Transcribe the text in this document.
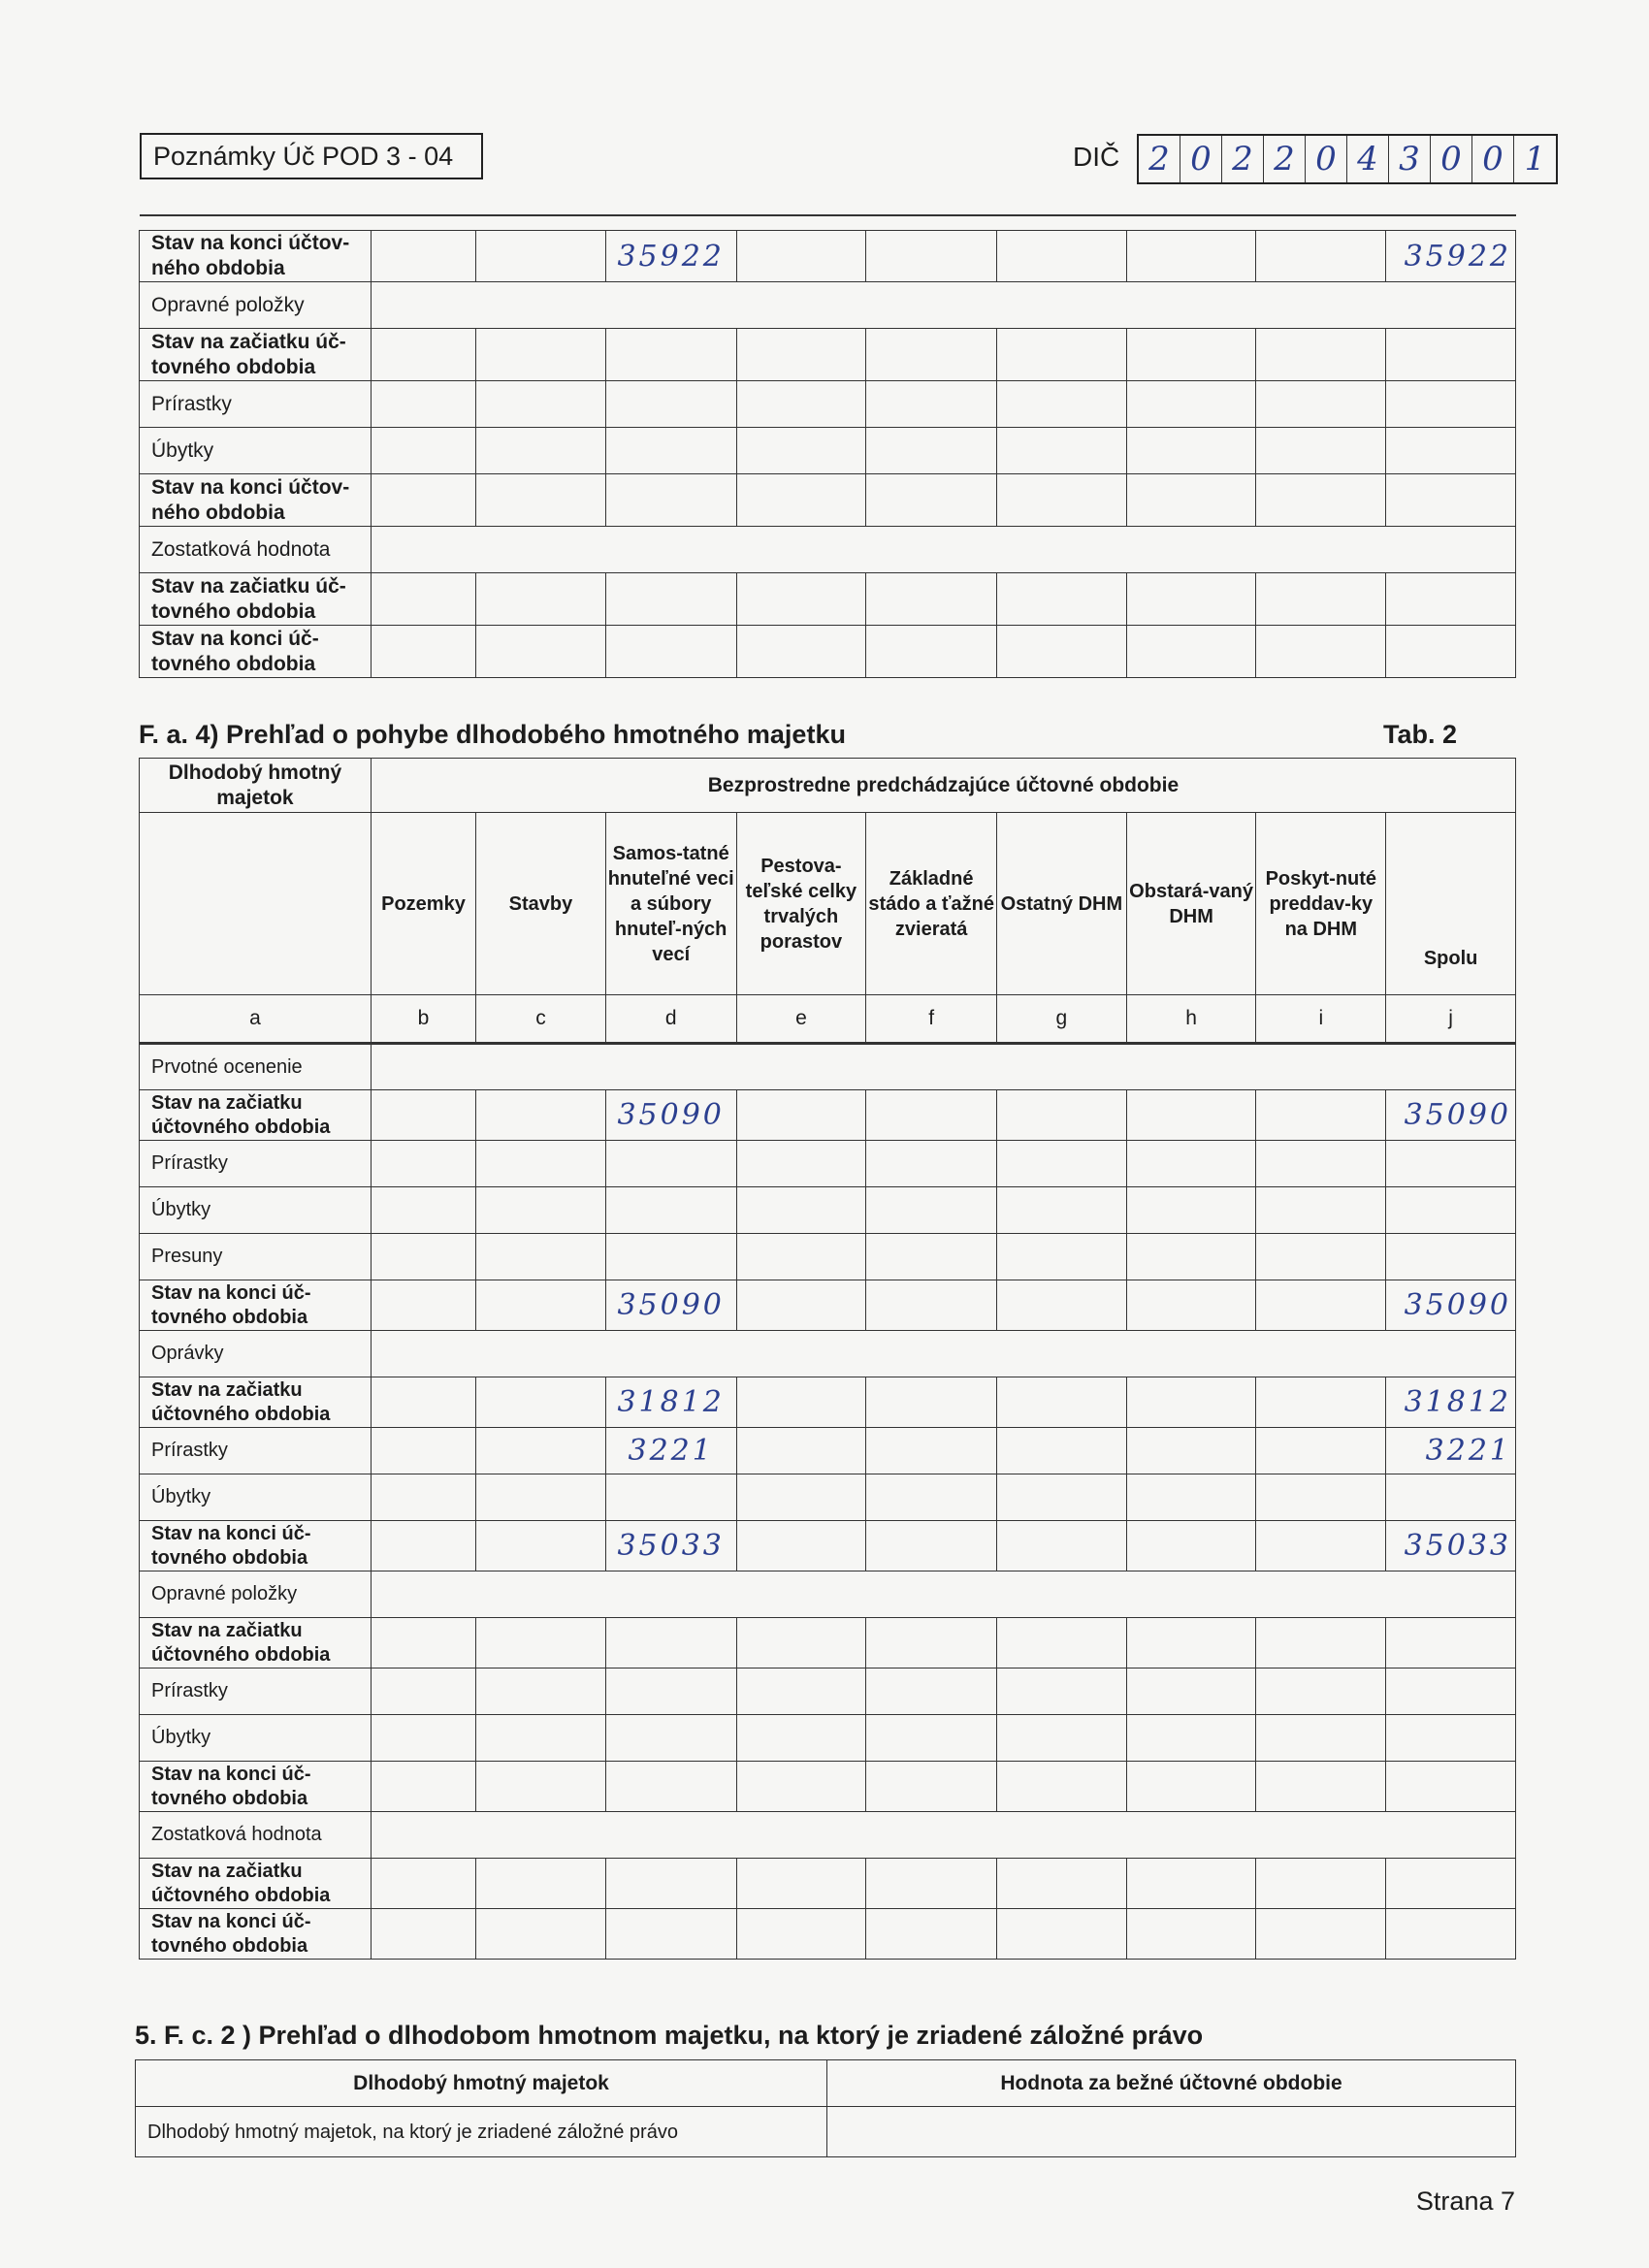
Poznámky Úč POD 3 - 04	DIČ 2 0 2 2 0 4 3 0 0 1
Stav na konci účtov-ného obdobia			35922						35922
Opravné položky									
Stav na začiatku úč-tovného obdobia									
Prírastky									
Úbytky									
Stav na konci účtov-ného obdobia									
Zostatková hodnota									
Stav na začiatku úč-tovného obdobia									
Stav na konci úč-tovného obdobia									
F. a. 4) Prehľad o pohybe dlhodobého hmotného majetku	Tab. 2
Dlhodobý hmotný majetok	Bezprostredne predchádzajúce účtovné obdobie								
	Pozemky	Stavby	Samos-tatné hnuteľné veci a súbory hnuteľ-ných vecí	Pestova-teľské celky trvalých porastov	Základné stádo a ťažné zvieratá	Ostatný DHM	Obstará-vaný DHM	Poskyt-nuté preddav-ky na DHM	Spolu
a	b	c	d	e	f	g	h	i	j
Prvotné ocenenie									
Stav na začiatku účtovného obdobia			35090						35090
Prírastky									
Úbytky									
Presuny									
Stav na konci úč-tovného obdobia			35090						35090
Oprávky									
Stav na začiatku účtovného obdobia			31812						31812
Prírastky			3221						3221
Úbytky									
Stav na konci úč-tovného obdobia			35033						35033
Opravné položky									
Stav na začiatku účtovného obdobia									
Prírastky									
Úbytky									
Stav na konci úč-tovného obdobia									
Zostatková hodnota									
Stav na začiatku účtovného obdobia									
Stav na konci úč-tovného obdobia									
5. F. c. 2 ) Prehľad o dlhodobom hmotnom majetku, na ktorý je zriadené záložné právo
Dlhodobý hmotný majetok	Hodnota za bežné účtovné obdobie
Dlhodobý hmotný majetok, na ktorý je zriadené záložné právo	
Strana 7
